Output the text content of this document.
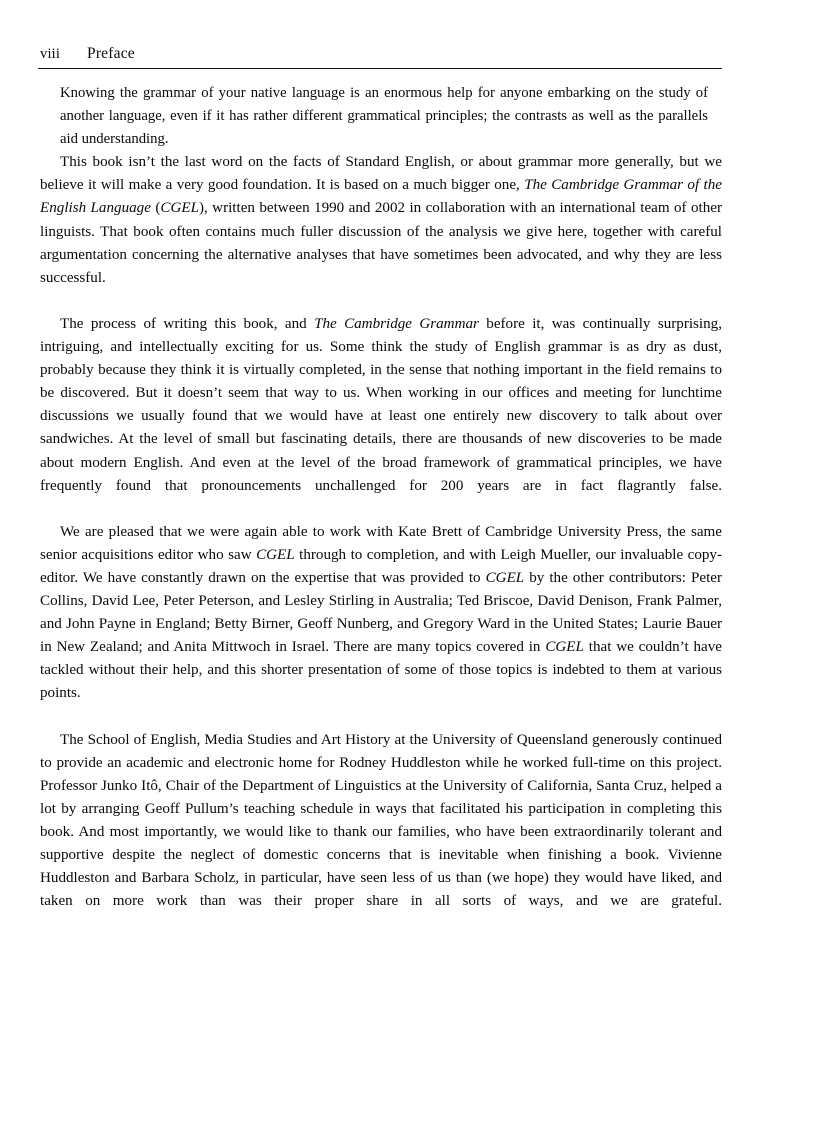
viii	Preface
Knowing the grammar of your native language is an enormous help for anyone embarking on the study of another language, even if it has rather different grammatical principles; the contrasts as well as the parallels aid understanding.

This book isn’t the last word on the facts of Standard English, or about grammar more generally, but we believe it will make a very good foundation. It is based on a much bigger one, The Cambridge Grammar of the English Language (CGEL), written between 1990 and 2002 in collaboration with an international team of other linguists. That book often contains much fuller discussion of the analysis we give here, together with careful argumentation concerning the alternative analyses that have sometimes been advocated, and why they are less successful.

The process of writing this book, and The Cambridge Grammar before it, was continually surprising, intriguing, and intellectually exciting for us. Some think the study of English grammar is as dry as dust, probably because they think it is virtually completed, in the sense that nothing important in the field remains to be discovered. But it doesn’t seem that way to us. When working in our offices and meeting for lunchtime discussions we usually found that we would have at least one entirely new discovery to talk about over sandwiches. At the level of small but fascinating details, there are thousands of new discoveries to be made about modern English. And even at the level of the broad framework of grammatical principles, we have frequently found that pronouncements unchallenged for 200 years are in fact flagrantly false.

We are pleased that we were again able to work with Kate Brett of Cambridge University Press, the same senior acquisitions editor who saw CGEL through to completion, and with Leigh Mueller, our invaluable copy-editor. We have constantly drawn on the expertise that was provided to CGEL by the other contributors: Peter Collins, David Lee, Peter Peterson, and Lesley Stirling in Australia; Ted Briscoe, David Denison, Frank Palmer, and John Payne in England; Betty Birner, Geoff Nunberg, and Gregory Ward in the United States; Laurie Bauer in New Zealand; and Anita Mittwoch in Israel. There are many topics covered in CGEL that we couldn’t have tackled without their help, and this shorter presentation of some of those topics is indebted to them at various points.

The School of English, Media Studies and Art History at the University of Queensland generously continued to provide an academic and electronic home for Rodney Huddleston while he worked full-time on this project. Professor Junko Itô, Chair of the Department of Linguistics at the University of California, Santa Cruz, helped a lot by arranging Geoff Pullum’s teaching schedule in ways that facilitated his participation in completing this book. And most importantly, we would like to thank our families, who have been extraordinarily tolerant and supportive despite the neglect of domestic concerns that is inevitable when finishing a book. Vivienne Huddleston and Barbara Scholz, in particular, have seen less of us than (we hope) they would have liked, and taken on more work than was their proper share in all sorts of ways, and we are grateful.
